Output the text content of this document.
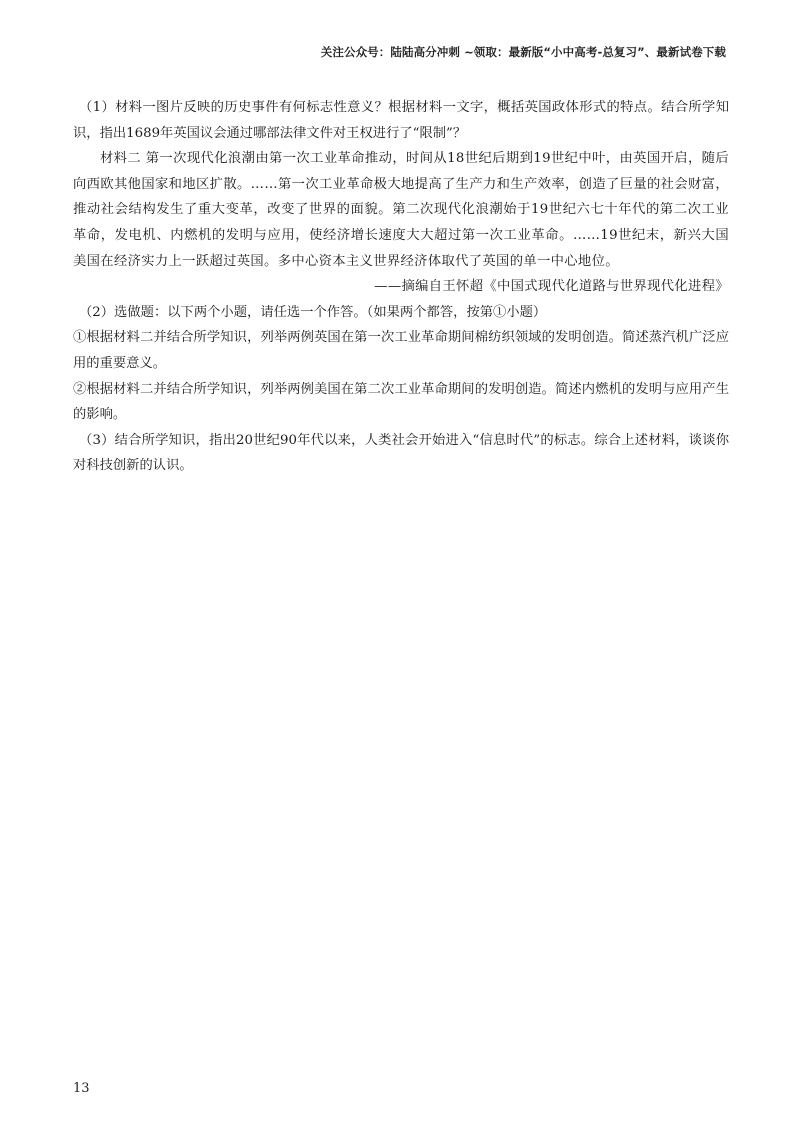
关注公众号：陆陆高分冲刺 ~领取：最新版“小中高考-总复习”、最新试卷下载

（1）材料一图片反映的历史事件有何标志性意义？根据材料一文字，概括英国政体形式的特点。结合所学知识，指出1689年英国议会通过哪部法律文件对王权进行了“限制”？

材料二 第一次现代化浪潮由第一次工业革命推动，时间从18世纪后期到19世纪中叶，由英国开启，随后向西欧其他国家和地区扩散。……第一次工业革命极大地提高了生产力和生产效率，创造了巨量的社会财富，推动社会结构发生了重大变革，改变了世界的面貌。第二次现代化浪潮始于19世纪六七十年代的第二次工业革命，发电机、内燃机的发明与应用，使经济增长速度大大超过第一次工业革命。……19世纪末，新兴大国美国在经济实力上一跃超过英国。多中心资本主义世界经济体取代了英国的单一中心地位。

——摘编自王怀超《中国式现代化道路与世界现代化进程》

（2）选做题：以下两个小题，请任选一个作答。（如果两个都答，按第①小题）

①根据材料二并结合所学知识，列举两例英国在第一次工业革命期间棉纺织领域的发明创造。简述蒸汽机广泛应用的重要意义。

②根据材料二并结合所学知识，列举两例美国在第二次工业革命期间的发明创造。简述内燃机的发明与应用产生的影响。

（3）结合所学知识，指出20世纪90年代以来，人类社会开始进入“信息时代”的标志。综合上述材料，谈谈你对科技创新的认识。

13
